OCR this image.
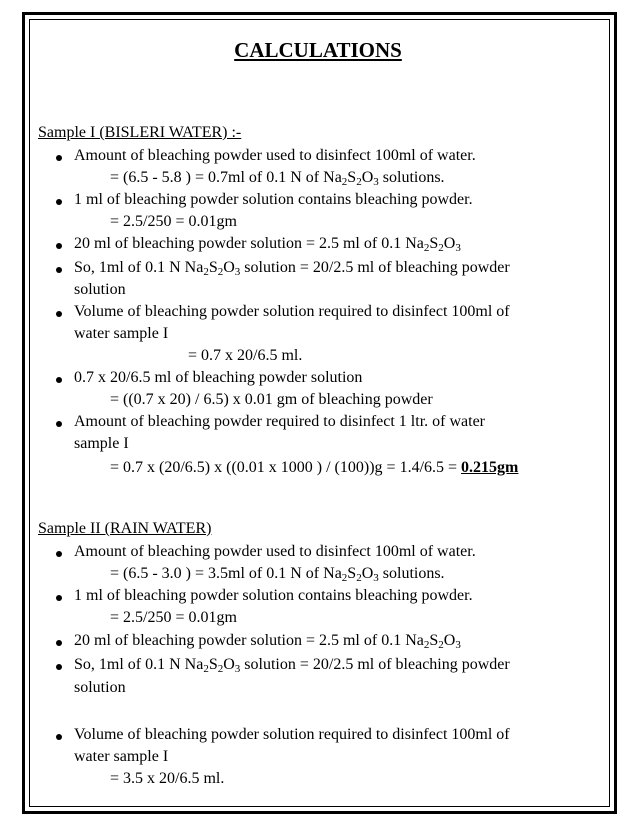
CALCULATIONS
Sample I (BISLERI WATER) :-
Amount of bleaching powder used to disinfect 100ml of water.
= (6.5 - 5.8 ) = 0.7ml of 0.1 N of $Na_2S_2O_3$ solutions.
1 ml of bleaching powder solution contains bleaching powder.
= 2.5/250 = 0.01gm
20 ml of bleaching powder solution = 2.5 ml of 0.1 $Na_2S_2O_3$
So, 1ml of 0.1 N $Na_2S_2O_3$ solution = 20/2.5 ml of bleaching powder
solution
Volume of bleaching powder solution required to disinfect 100ml of
water sample I
= 0.7 x 20/6.5 ml.
0.7 x 20/6.5 ml of bleaching powder solution
= ((0.7 x 20) / 6.5) x 0.01 gm of bleaching powder
Amount of bleaching powder required to disinfect 1 ltr. of water
sample I
= 0.7 x (20/6.5) x ((0.01 x 1000 ) / (100))g = 1.4/6.5 = 0.215gm
Sample II (RAIN WATER)
Amount of bleaching powder used to disinfect 100ml of water.
= (6.5 - 3.0 ) = 3.5ml of 0.1 N of $Na_2S_2O_3$ solutions.
1 ml of bleaching powder solution contains bleaching powder.
= 2.5/250 = 0.01gm
20 ml of bleaching powder solution = 2.5 ml of 0.1 $Na_2S_2O_3$
So, 1ml of 0.1 N $Na_2S_2O_3$ solution = 20/2.5 ml of bleaching powder
solution
Volume of bleaching powder solution required to disinfect 100ml of
water sample I
= 3.5 x 20/6.5 ml.
